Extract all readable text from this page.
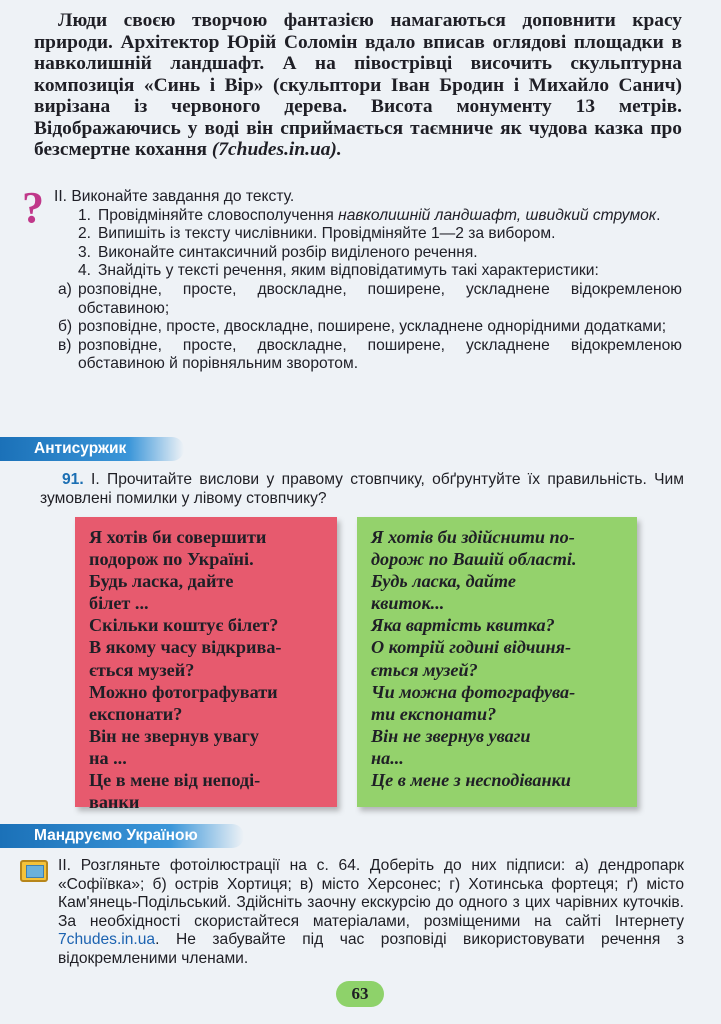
Люди своєю творчою фантазією намагаються доповнити красу природи. Архітектор Юрій Соломін вдало вписав оглядові площадки в навколишній ландшафт. А на півострівці височить скульптурна композиція «Синь і Вір» (скульптори Іван Бродин і Михайло Санич) вирізана із червоного дерева. Висота монументу 13 метрів. Відображаючись у воді він сприймається таємниче як чудова казка про безсмертне кохання (7chudes.in.ua).
? II. Виконайте завдання до тексту.
1. Провідміняйте словосполучення навколишній ландшафт, швидкий струмок.
2. Випишіть із тексту числівники. Провідміняйте 1—2 за вибором.
3. Виконайте синтаксичний розбір виділеного речення.
4. Знайдіть у тексті речення, яким відповідатимуть такі характеристики:
а) розповідне, просте, двоскладне, поширене, ускладнене відокремленою обставиною;
б) розповідне, просте, двоскладне, поширене, ускладнене однорідними додатками;
в) розповідне, просте, двоскладне, поширене, ускладнене відокремленою обставиною й порівняльним зворотом.
Антисуржик
91. І. Прочитайте вислови у правому стовпчику, обґрунтуйте їх правильність. Чим зумовлені помилки у лівому стовпчику?
Я хотів би совершити
подорож по Україні.
Будь ласка, дайте
білет ...
Скільки коштує білет?
В якому часу відкрива-
ється музей?
Можно фотографувати
експонати?
Він не звернув увагу
на ...
Це в мене від неподі-
ванки
Я хотів би здійснити по-
дорож по Вашій області.
Будь ласка, дайте
квиток...
Яка вартість квитка?
О котрій годині відчиня-
ється музей?
Чи можна фотографува-
ти експонати?
Він не звернув уваги
на...
Це в мене з несподіванки
Мандруємо Україною
ІІ. Розгляньте фотоілюстрації на с. 64. Доберіть до них підписи: а) дендропарк «Софіївка»; б) острів Хортиця; в) місто Херсонес; г) Хотинська фортеця; ґ) місто Кам'янець-Подільський. Здійсніть заочну екскурсію до одного з цих чарівних куточків. За необхідності скористайтеся матеріалами, розміщеними на сайті Інтернету 7chudes.in.ua. Не забувайте під час розповіді використовувати речення з відокремленими членами.
63
